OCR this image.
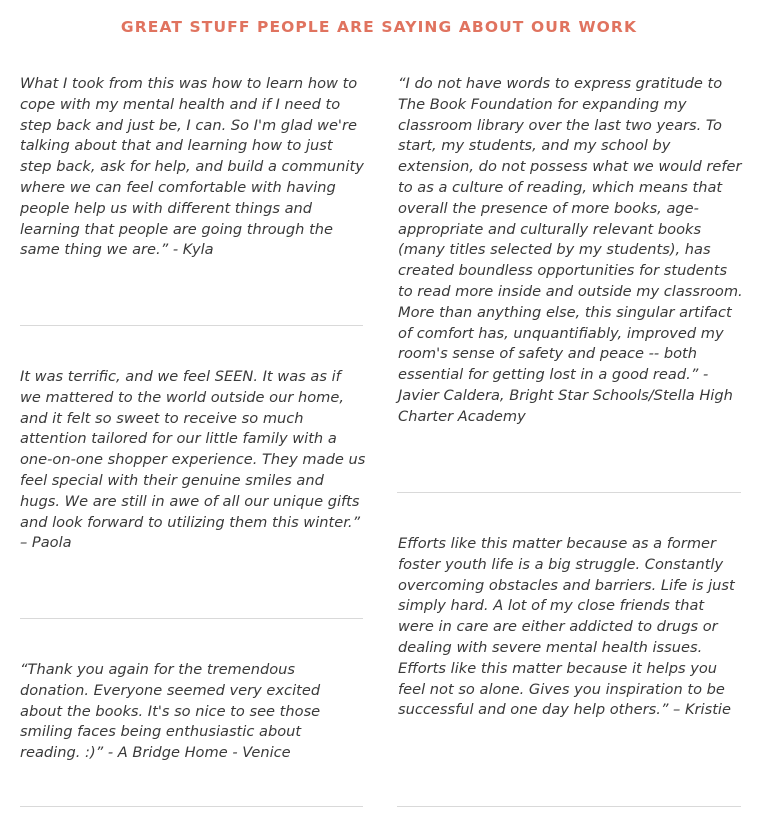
GREAT STUFF PEOPLE ARE SAYING ABOUT OUR WORK

What I took from this was how to learn how to cope with my mental health and if I need to step back and just be, I can. So I'm glad we're talking about that and learning how to just step back, ask for help, and build a community where we can feel comfortable with having people help us with different things and learning that people are going through the same thing we are.” - Kyla

It was terrific, and we feel SEEN. It was as if we mattered to the world outside our home, and it felt so sweet to receive so much attention tailored for our little family with a one-on-one shopper experience. They made us feel special with their genuine smiles and hugs. We are still in awe of all our unique gifts and look forward to utilizing them this winter.” – Paola

“Thank you again for the tremendous donation. Everyone seemed very excited about the books. It's so nice to see those smiling faces being enthusiastic about reading. :)” - A Bridge Home - Venice

“I do not have words to express gratitude to The Book Foundation for expanding my classroom library over the last two years. To start, my students, and my school by extension, do not possess what we would refer to as a culture of reading, which means that overall the presence of more books, age-appropriate and culturally relevant books (many titles selected by my students), has created boundless opportunities for students to read more inside and outside my classroom. More than anything else, this singular artifact of comfort has, unquantifiably, improved my room's sense of safety and peace -- both essential for getting lost in a good read.” - Javier Caldera, Bright Star Schools/Stella High Charter Academy

Efforts like this matter because as a former foster youth life is a big struggle. Constantly overcoming obstacles and barriers. Life is just simply hard. A lot of my close friends that were in care are either addicted to drugs or dealing with severe mental health issues. Efforts like this matter because it helps you feel not so alone. Gives you inspiration to be successful and one day help others.” – Kristie
